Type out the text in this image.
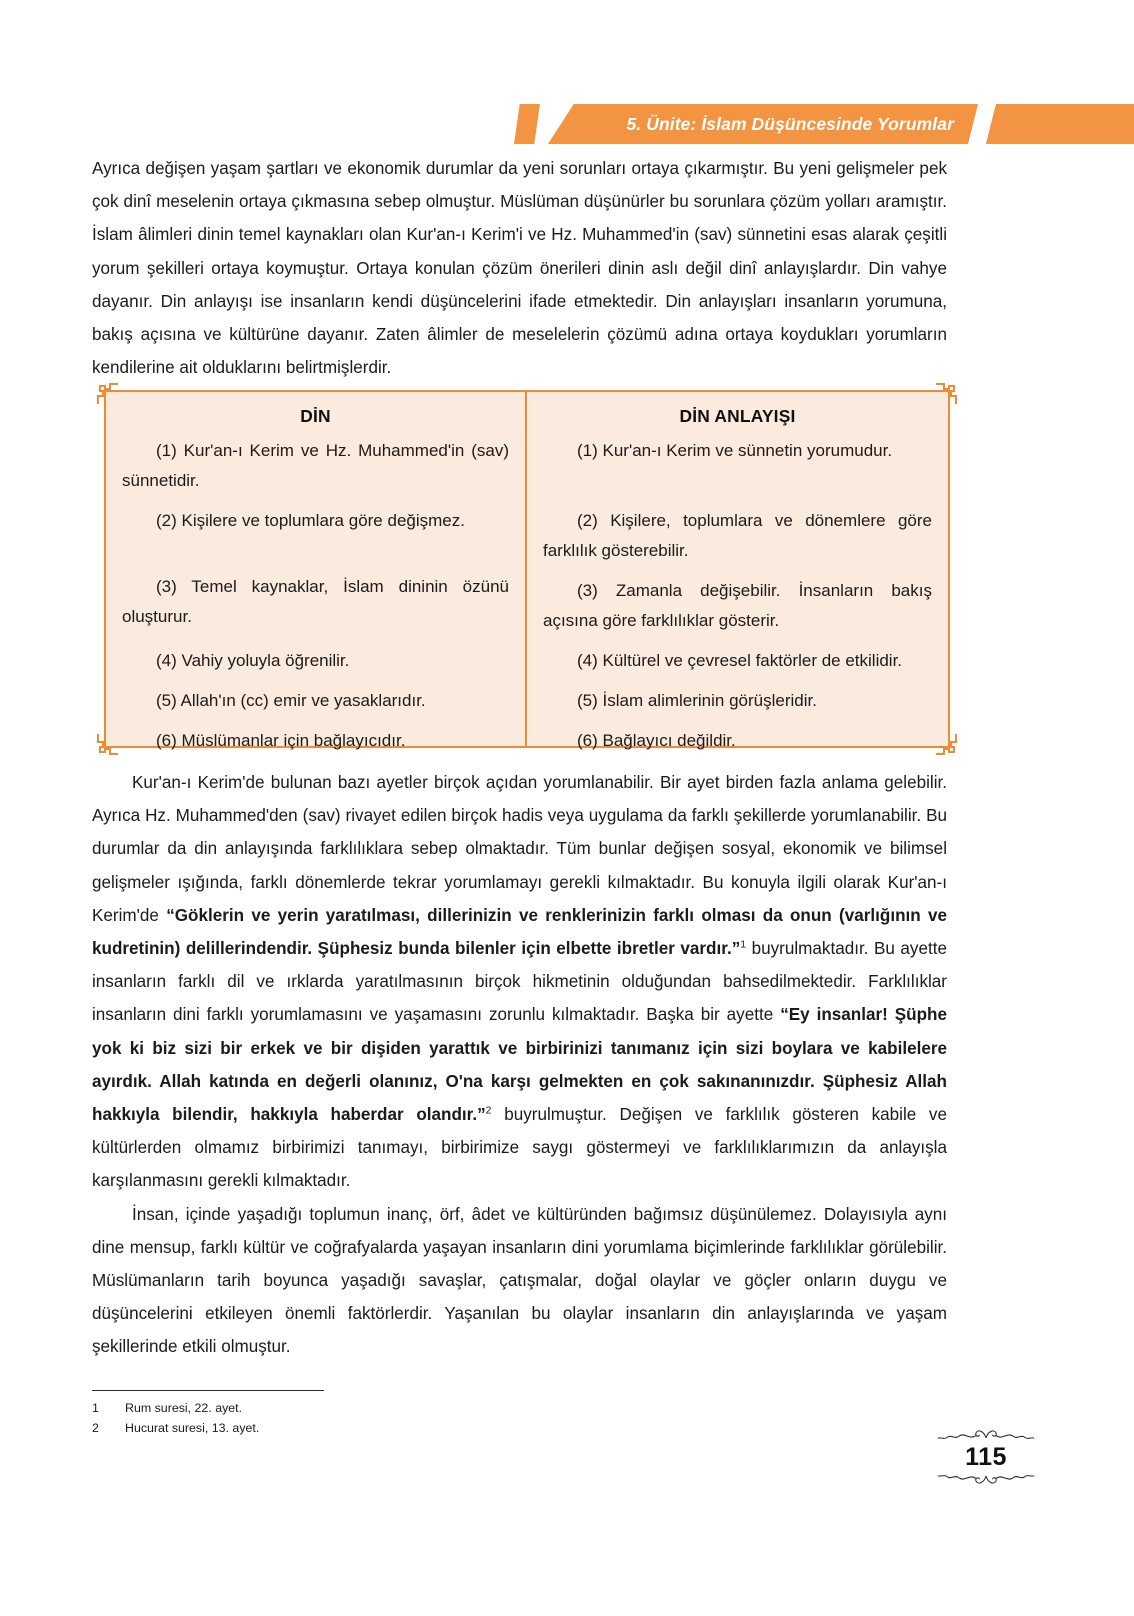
5. Ünite: İslam Düşüncesinde Yorumlar

Ayrıca değişen yaşam şartları ve ekonomik durumlar da yeni sorunları ortaya çıkarmıştır. Bu yeni gelişmeler pek çok dinî meselenin ortaya çıkmasına sebep olmuştur. Müslüman düşünürler bu sorunlara çözüm yolları aramıştır. İslam âlimleri dinin temel kaynakları olan Kur'an-ı Kerim'i ve Hz. Muhammed'in (sav) sünnetini esas alarak çeşitli yorum şekilleri ortaya koymuştur. Ortaya konulan çözüm önerileri dinin aslı değil dinî anlayışlardır. Din vahye dayanır. Din anlayışı ise insanların kendi düşüncelerini ifade etmektedir. Din anlayışları insanların yorumuna, bakış açısına ve kültürüne dayanır. Zaten âlimler de meselelerin çözümü adına ortaya koydukları yorumların kendilerine ait olduklarını belirtmişlerdir.

DİN
(1) Kur'an-ı Kerim ve Hz. Muhammed'in (sav) sünnetidir.
(2) Kişilere ve toplumlara göre değişmez.
(3) Temel kaynaklar, İslam dininin özünü oluşturur.
(4) Vahiy yoluyla öğrenilir.
(5) Allah'ın (cc) emir ve yasaklarıdır.
(6) Müslümanlar için bağlayıcıdır.
DİN ANLAYIŞI
(1) Kur'an-ı Kerim ve sünnetin yorumudur.
(2) Kişilere, toplumlara ve dönemlere göre farklılık gösterebilir.
(3) Zamanla değişebilir. İnsanların bakış açısına göre farklılıklar gösterir.
(4) Kültürel ve çevresel faktörler de etkilidir.
(5) İslam alimlerinin görüşleridir.
(6) Bağlayıcı değildir.

Kur'an-ı Kerim'de bulunan bazı ayetler birçok açıdan yorumlanabilir. Bir ayet birden fazla anlama gelebilir. Ayrıca Hz. Muhammed'den (sav) rivayet edilen birçok hadis veya uygulama da farklı şekillerde yorumlanabilir. Bu durumlar da din anlayışında farklılıklara sebep olmaktadır. Tüm bunlar değişen sosyal, ekonomik ve bilimsel gelişmeler ışığında, farklı dönemlerde tekrar yorumlamayı gerekli kılmaktadır. Bu konuyla ilgili olarak Kur'an-ı Kerim'de “Göklerin ve yerin yaratılması, dillerinizin ve renklerinizin farklı olması da onun (varlığının ve kudretinin) delillerindendir. Şüphesiz bunda bilenler için elbette ibretler vardır.”$^1$ buyrulmaktadır. Bu ayette insanların farklı dil ve ırklarda yaratılmasının birçok hikmetinin olduğundan bahsedilmektedir. Farklılıklar insanların dini farklı yorumlamasını ve yaşamasını zorunlu kılmaktadır. Başka bir ayette “Ey insanlar! Şüphe yok ki biz sizi bir erkek ve bir dişiden yarattık ve birbirinizi tanımanız için sizi boylara ve kabilelere ayırdık. Allah katında en değerli olanınız, O'na karşı gelmekten en çok sakınanınızdır. Şüphesiz Allah hakkıyla bilendir, hakkıyla haberdar olandır.”$^2$ buyrulmuştur. Değişen ve farklılık gösteren kabile ve kültürlerden olmamız birbirimizi tanımayı, birbirimize saygı göstermeyi ve farklılıklarımızın da anlayışla karşılanmasını gerekli kılmaktadır.

İnsan, içinde yaşadığı toplumun inanç, örf, âdet ve kültüründen bağımsız düşünülemez. Dolayısıyla aynı dine mensup, farklı kültür ve coğrafyalarda yaşayan insanların dini yorumlama biçimlerinde farklılıklar görülebilir. Müslümanların tarih boyunca yaşadığı savaşlar, çatışmalar, doğal olaylar ve göçler onların duygu ve düşüncelerini etkileyen önemli faktörlerdir. Yaşanılan bu olaylar insanların din anlayışlarında ve yaşam şekillerinde etkili olmuştur.

1	Rum suresi, 22. ayet.
2	Hucurat suresi, 13. ayet.
115
